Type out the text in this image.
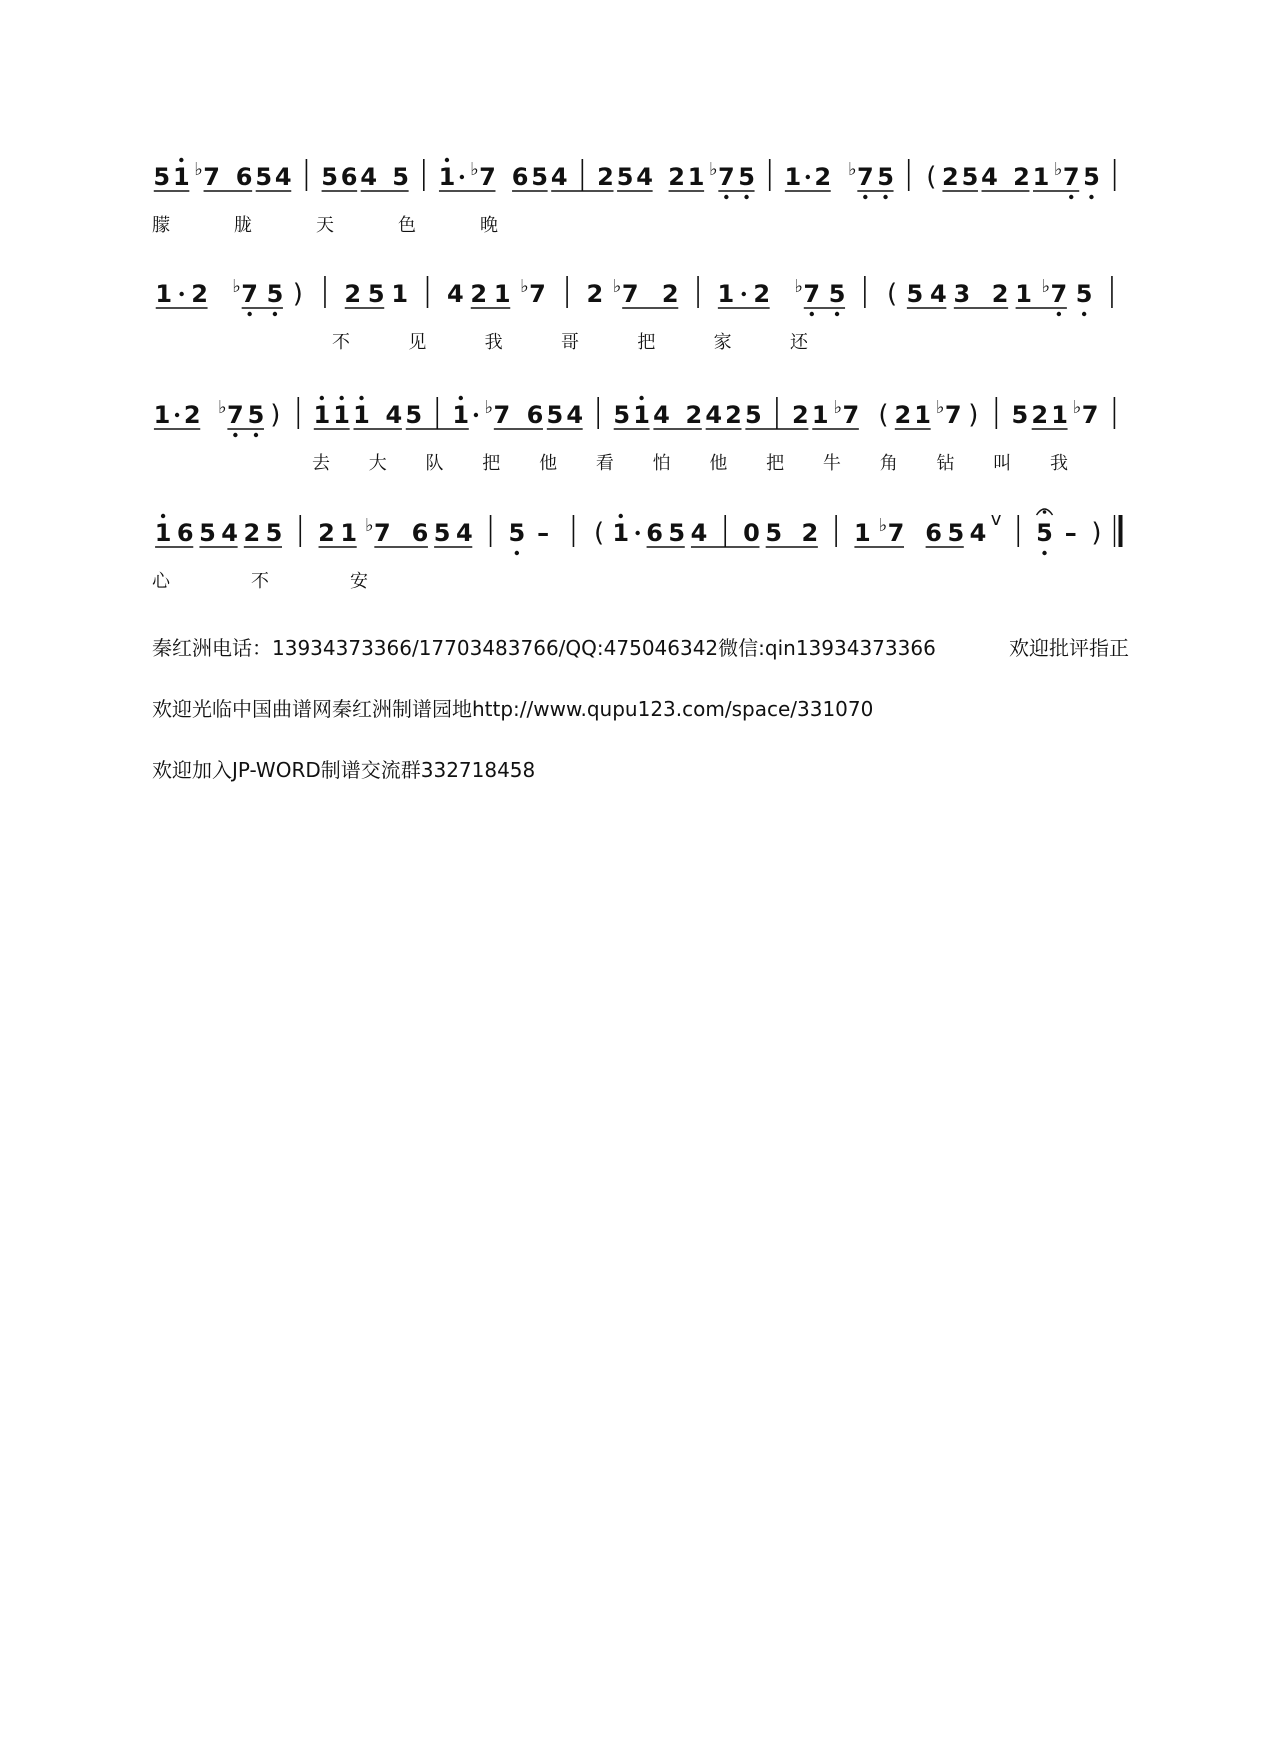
5 1 ♭ 7 6 5 4 5 6 4 5 1 ♭ 7 6 5 4 2 5 4 2 1 ♭ 7 5 1 2 ♭ 7 5 ( 2 5 4 2 1 ♭ 7 5
朦	胧	天	色	晚
1 2 ♭ 7 5 ) 2 5 1 4 2 1 ♭ 7 2 ♭ 7 2 1 2 ♭ 7 5 ( 5 4 3 2 1 ♭ 7 5
不	见	我	哥	把	家	还
1 2 ♭ 7 5 ) 1 1 1 4 5 1 ♭ 7 6 5 4 5 1 4 2 4 2 5 2 1 ♭ 7 ( 2 1 ♭ 7 ) 5 2 1 ♭ 7
去 大 队 把 他 看 怕 他 把 牛 角 钻 叫 我
1 6 5 4 2 5 2 1 ♭ 7 6 5 4 5 – ( 1 6 5 4 0 5 2 1 ♭ 7 6 5 4 v 5 – )
心	不	安
秦红洲电话：13934373366/17703483766/QQ:475046342微信:qin13934373366	欢迎批评指正
欢迎光临中国曲谱网秦红洲制谱园地http://www.qupu123.com/space/331070
欢迎加入JP-WORD制谱交流群332718458
